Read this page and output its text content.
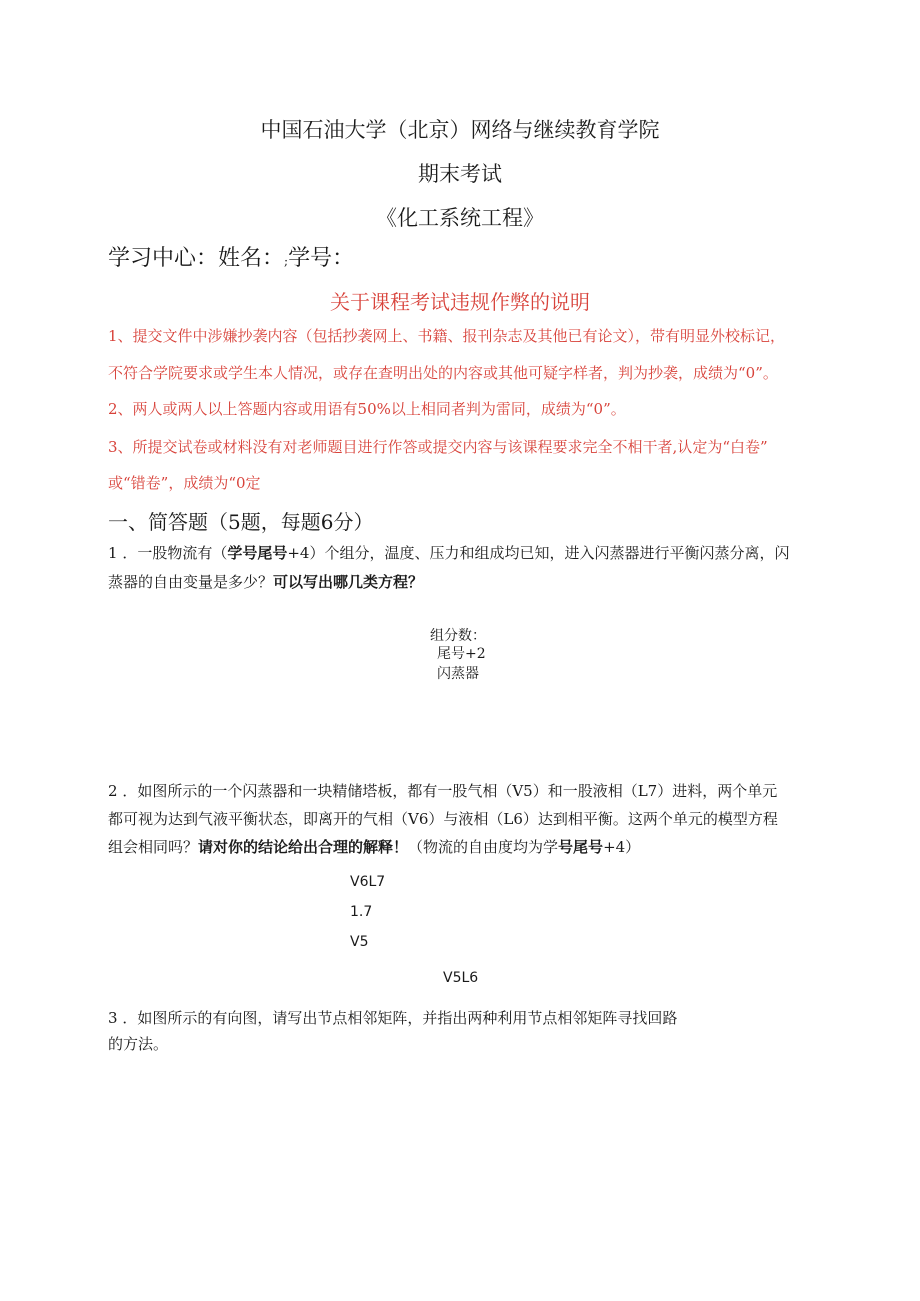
中国石油大学（北京）网络与继续教育学院
期末考试
《化工系统工程》
学习中心：姓名：;学号：
关于课程考试违规作弊的说明
1、提交文件中涉嫌抄袭内容（包括抄袭网上、书籍、报刊杂志及其他已有论文），带有明显外校标记，
不符合学院要求或学生本人情况，或存在查明出处的内容或其他可疑字样者，判为抄袭，成绩为“0”。
2、两人或两人以上答题内容或用语有50%以上相同者判为雷同，成绩为“0”。
3、所提交试卷或材料没有对老师题目进行作答或提交内容与该课程要求完全不相干者,认定为“白卷”
或“错卷”，成绩为“0定
一、简答题（5题，每题6分）
1 ．一股物流有（学号尾号+4）个组分，温度、压力和组成均已知，进入闪蒸器进行平衡闪蒸分离，闪
蒸器的自由变量是多少？可以写出哪几类方程？
组分数：
尾号+2
闪蒸器
2 ．如图所示的一个闪蒸器和一块精储塔板，都有一股气相（V5）和一股液相（L7）进料，两个单元
都可视为达到气液平衡状态，即离开的气相（V6）与液相（L6）达到相平衡。这两个单元的模型方程
组会相同吗？请对你的结论给出合理的解释！（物流的自由度均为学号尾号+4）
V6L7
1.7
V5
V5L6
3 ．如图所示的有向图，请写出节点相邻矩阵，并指出两种利用节点相邻矩阵寻找回路
的方法。
